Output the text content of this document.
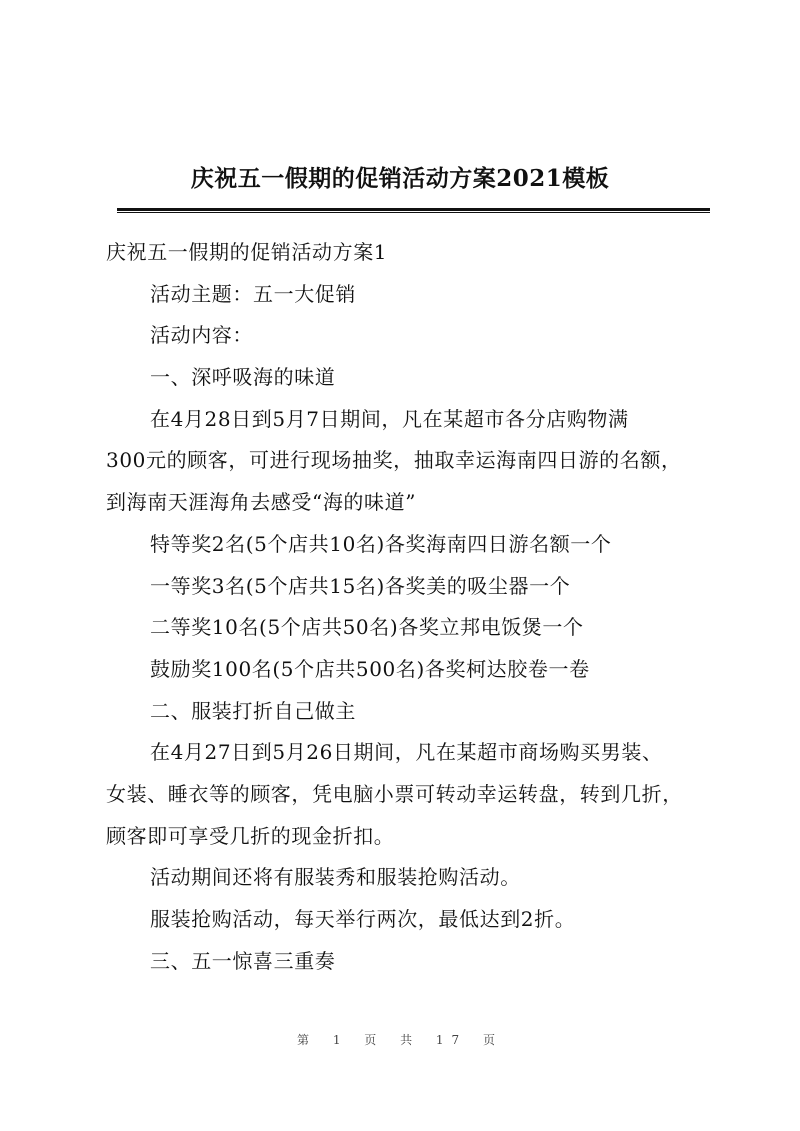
庆祝五一假期的促销活动方案2021模板
庆祝五一假期的促销活动方案1
活动主题：五一大促销
活动内容：
一、深呼吸海的味道
在4月28日到5月7日期间，凡在某超市各分店购物满
300元的顾客，可进行现场抽奖，抽取幸运海南四日游的名额，
到海南天涯海角去感受“海的味道”
特等奖2名(5个店共10名)各奖海南四日游名额一个
一等奖3名(5个店共15名)各奖美的吸尘器一个
二等奖10名(5个店共50名)各奖立邦电饭煲一个
鼓励奖100名(5个店共500名)各奖柯达胶卷一卷
二、服装打折自己做主
在4月27日到5月26日期间，凡在某超市商场购买男装、
女装、睡衣等的顾客，凭电脑小票可转动幸运转盘，转到几折，
顾客即可享受几折的现金折扣。
活动期间还将有服装秀和服装抢购活动。
服装抢购活动，每天举行两次，最低达到2折。
三、五一惊喜三重奏
第 1 页 共 17 页
